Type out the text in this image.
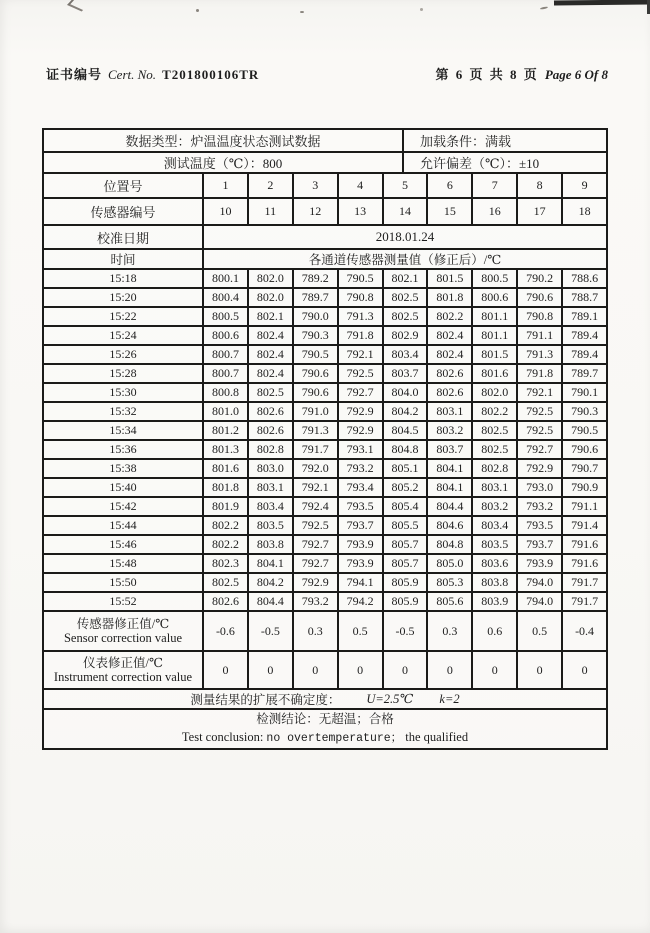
证书编号 Cert. No. T201800106TR	第 6 页 共 8 页 Page 6 Of 8
数据类型：炉温温度状态测试数据	加载条件：满载
测试温度（℃）：800	允许偏差（℃）：±10
位置号	1	2	3	4	5	6	7	8	9
传感器编号	10	11	12	13	14	15	16	17	18
校准日期	2018.01.24
时间	各通道传感器测量值（修正后）/℃
15:18	800.1	802.0	789.2	790.5	802.1	801.5	800.5	790.2	788.6
15:20	800.4	802.0	789.7	790.8	802.5	801.8	800.6	790.6	788.7
15:22	800.5	802.1	790.0	791.3	802.5	802.2	801.1	790.8	789.1
15:24	800.6	802.4	790.3	791.8	802.9	802.4	801.1	791.1	789.4
15:26	800.7	802.4	790.5	792.1	803.4	802.4	801.5	791.3	789.4
15:28	800.7	802.4	790.6	792.5	803.7	802.6	801.6	791.8	789.7
15:30	800.8	802.5	790.6	792.7	804.0	802.6	802.0	792.1	790.1
15:32	801.0	802.6	791.0	792.9	804.2	803.1	802.2	792.5	790.3
15:34	801.2	802.6	791.3	792.9	804.5	803.2	802.5	792.5	790.5
15:36	801.3	802.8	791.7	793.1	804.8	803.7	802.5	792.7	790.6
15:38	801.6	803.0	792.0	793.2	805.1	804.1	802.8	792.9	790.7
15:40	801.8	803.1	792.1	793.4	805.2	804.1	803.1	793.0	790.9
15:42	801.9	803.4	792.4	793.5	805.4	804.4	803.2	793.2	791.1
15:44	802.2	803.5	792.5	793.7	805.5	804.6	803.4	793.5	791.4
15:46	802.2	803.8	792.7	793.9	805.7	804.8	803.5	793.7	791.6
15:48	802.3	804.1	792.7	793.9	805.7	805.0	803.6	793.9	791.6
15:50	802.5	804.2	792.9	794.1	805.9	805.3	803.8	794.0	791.7
15:52	802.6	804.4	793.2	794.2	805.9	805.6	803.9	794.0	791.7
传感器修正值/℃
Sensor correction value
-0.6	-0.5	0.3	0.5	-0.5	0.3	0.6	0.5	-0.4
仪表修正值/℃
Instrument correction value
0	0	0	0	0	0	0	0	0
测量结果的扩展不确定度： U=2.5℃ k=2
检测结论：无超温；合格
Test conclusion: no overtemperature； the qualified
